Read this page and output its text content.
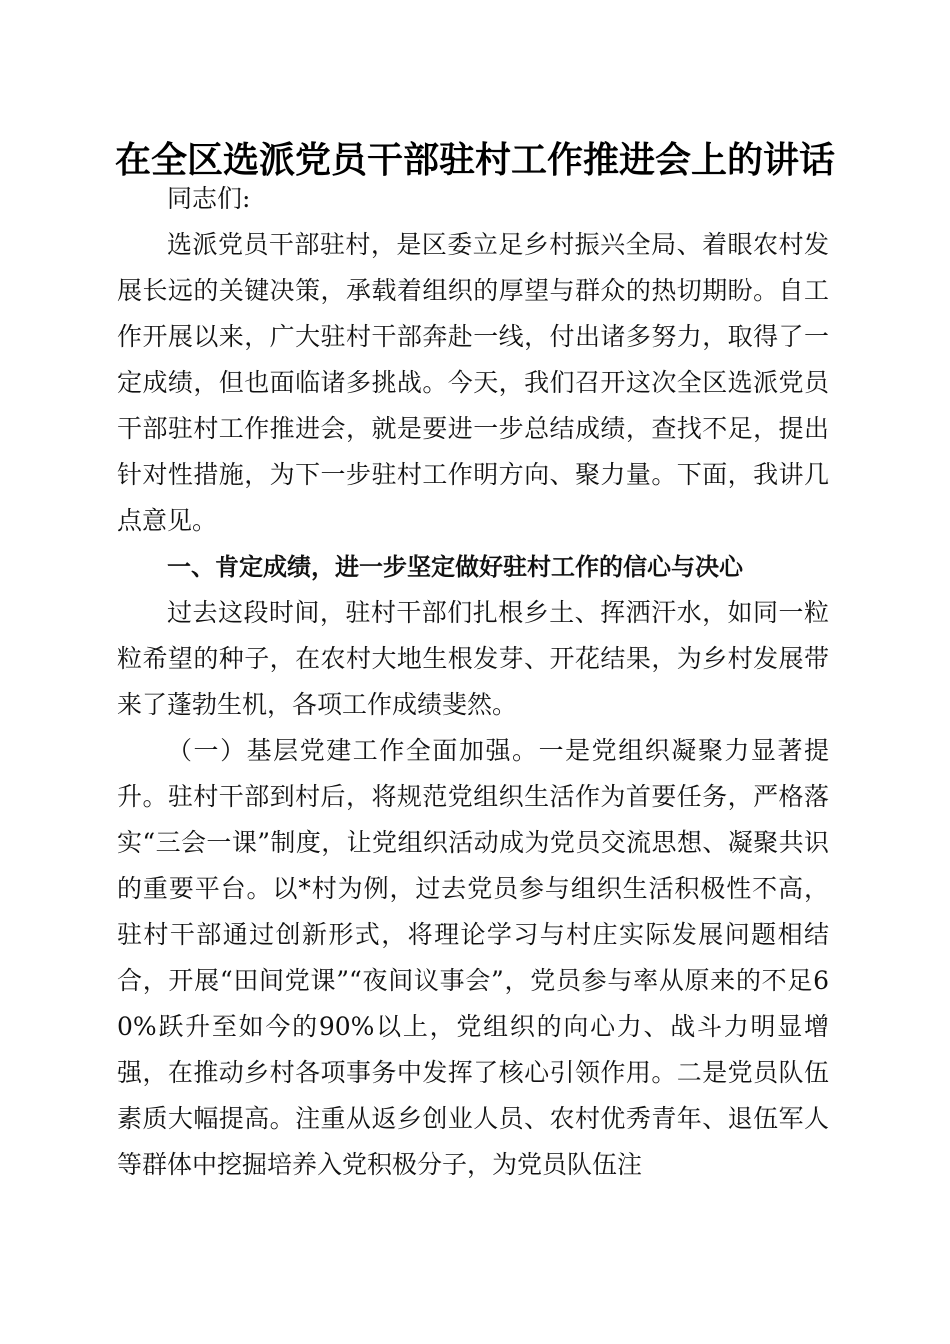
在全区选派党员干部驻村工作推进会上的讲话

同志们:

选派党员干部驻村，是区委立足乡村振兴全局、着眼农村发展长远的关键决策，承载着组织的厚望与群众的热切期盼。自工作开展以来，广大驻村干部奔赴一线，付出诸多努力，取得了一定成绩，但也面临诸多挑战。今天，我们召开这次全区选派党员干部驻村工作推进会，就是要进一步总结成绩，查找不足，提出针对性措施，为下一步驻村工作明方向、聚力量。下面，我讲几点意见。

一、肯定成绩，进一步坚定做好驻村工作的信心与决心

过去这段时间，驻村干部们扎根乡土、挥洒汗水，如同一粒粒希望的种子，在农村大地生根发芽、开花结果，为乡村发展带来了蓬勃生机，各项工作成绩斐然。

（一）基层党建工作全面加强。一是党组织凝聚力显著提升。驻村干部到村后，将规范党组织生活作为首要任务，严格落实“三会一课”制度，让党组织活动成为党员交流思想、凝聚共识的重要平台。以*村为例，过去党员参与组织生活积极性不高，驻村干部通过创新形式，将理论学习与村庄实际发展问题相结合，开展“田间党课”“夜间议事会”，党员参与率从原来的不足60%跃升至如今的90%以上，党组织的向心力、战斗力明显增强，在推动乡村各项事务中发挥了核心引领作用。二是党员队伍素质大幅提高。注重从返乡创业人员、农村优秀青年、退伍军人等群体中挖掘培养入党积极分子，为党员队伍注
